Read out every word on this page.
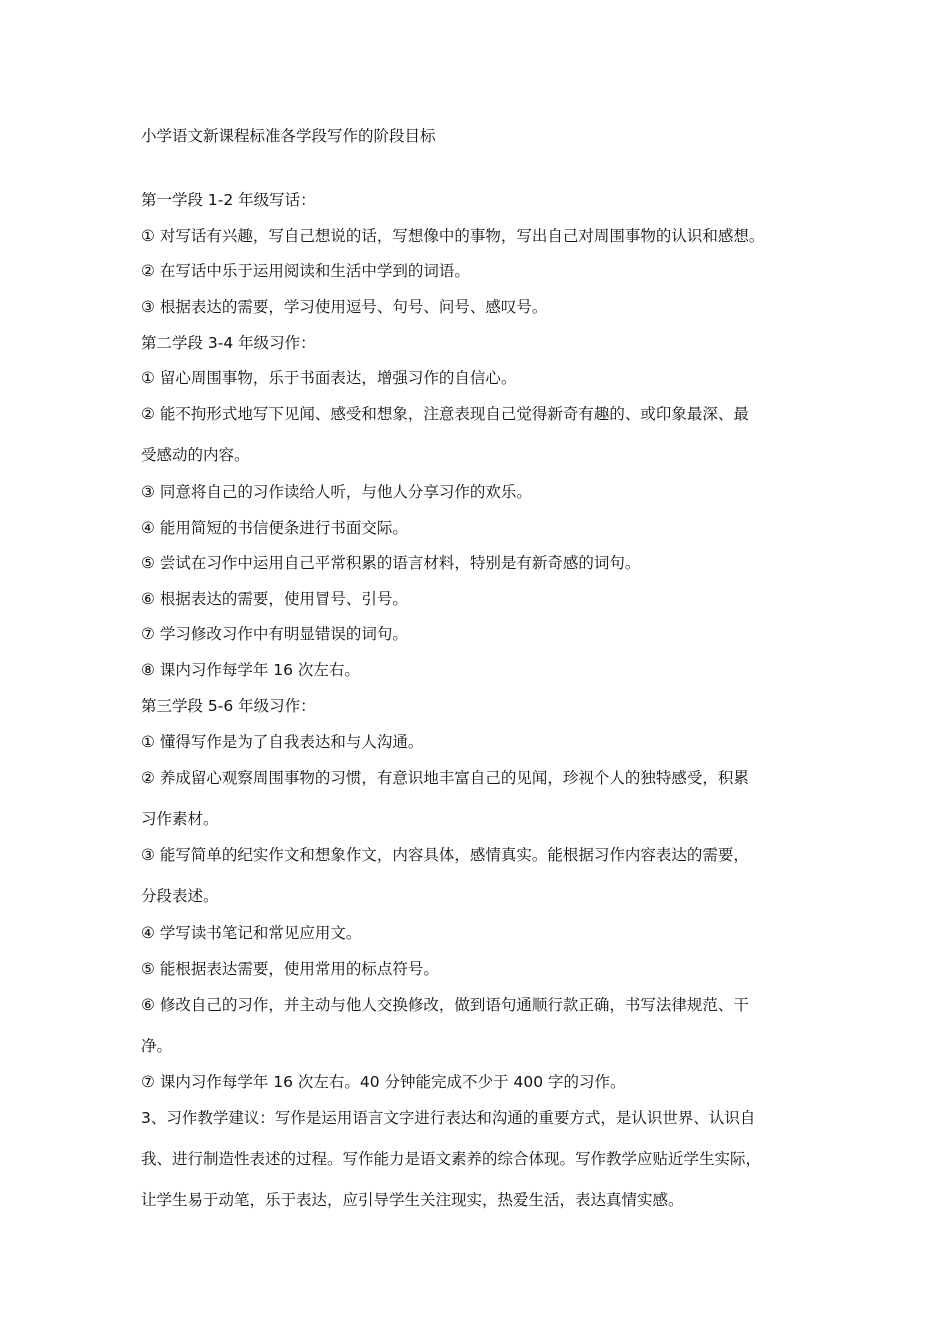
小学语文新课程标准各学段写作的阶段目标
第一学段 1-2 年级写话：
① 对写话有兴趣，写自己想说的话，写想像中的事物，写出自己对周围事物的认识和感想。
② 在写话中乐于运用阅读和生活中学到的词语。
③ 根据表达的需要，学习使用逗号、句号、问号、感叹号。
第二学段 3-4 年级习作：
① 留心周围事物，乐于书面表达，增强习作的自信心。
② 能不拘形式地写下见闻、感受和想象，注意表现自己觉得新奇有趣的、或印象最深、最
受感动的内容。
③ 同意将自己的习作读给人听，与他人分享习作的欢乐。
④ 能用简短的书信便条进行书面交际。
⑤ 尝试在习作中运用自己平常积累的语言材料，特别是有新奇感的词句。
⑥ 根据表达的需要，使用冒号、引号。
⑦ 学习修改习作中有明显错误的词句。
⑧ 课内习作每学年 16 次左右。
第三学段 5-6 年级习作：
① 懂得写作是为了自我表达和与人沟通。
② 养成留心观察周围事物的习惯，有意识地丰富自己的见闻，珍视个人的独特感受，积累
习作素材。
③ 能写简单的纪实作文和想象作文，内容具体，感情真实。能根据习作内容表达的需要，
分段表述。
④ 学写读书笔记和常见应用文。
⑤ 能根据表达需要，使用常用的标点符号。
⑥ 修改自己的习作，并主动与他人交换修改，做到语句通顺行款正确，书写法律规范、干
净。
⑦ 课内习作每学年 16 次左右。40 分钟能完成不少于 400 字的习作。
3、习作教学建议：写作是运用语言文字进行表达和沟通的重要方式，是认识世界、认识自
我、进行制造性表述的过程。写作能力是语文素养的综合体现。写作教学应贴近学生实际，
让学生易于动笔，乐于表达，应引导学生关注现实，热爱生活，表达真情实感。
